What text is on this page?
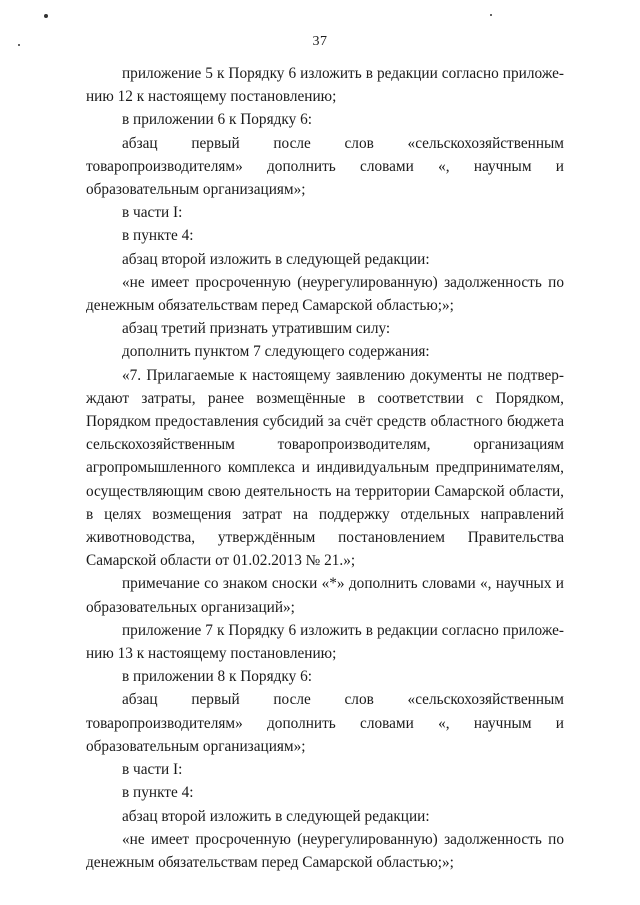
37

приложение 5 к Порядку 6 изложить в редакции согласно приложению 12 к настоящему постановлению;

в приложении 6 к Порядку 6:

абзац первый после слов «сельскохозяйственным товаропроизводителям» дополнить словами «, научным и образовательным организациям»;

в части I:

в пункте 4:

абзац второй изложить в следующей редакции:

«не имеет просроченную (неурегулированную) задолженность по денежным обязательствам перед Самарской областью;»;

абзац третий признать утратившим силу:

дополнить пунктом 7 следующего содержания:

«7. Прилагаемые к настоящему заявлению документы не подтверждают затраты, ранее возмещённые в соответствии с Порядком, Порядком предоставления субсидий за счёт средств областного бюджета сельскохозяйственным товаропроизводителям, организациям агропромышленного комплекса и индивидуальным предпринимателям, осуществляющим свою деятельность на территории Самарской области, в целях возмещения затрат на поддержку отдельных направлений животноводства, утверждённым постановлением Правительства Самарской области от 01.02.2013 № 21.»;

примечание со знаком сноски «*» дополнить словами «, научных и образовательных организаций»;

приложение 7 к Порядку 6 изложить в редакции согласно приложению 13 к настоящему постановлению;

в приложении 8 к Порядку 6:

абзац первый после слов «сельскохозяйственным товаропроизводителям» дополнить словами «, научным и образовательным организациям»;

в части I:

в пункте 4:

абзац второй изложить в следующей редакции:

«не имеет просроченную (неурегулированную) задолженность по денежным обязательствам перед Самарской областью;»;
